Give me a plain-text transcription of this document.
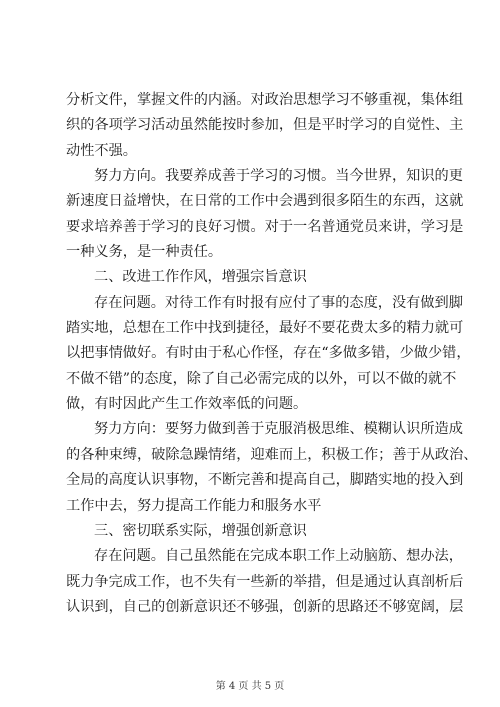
分析文件，掌握文件的内涵。对政治思想学习不够重视，集体组
织的各项学习活动虽然能按时参加，但是平时学习的自觉性、主
动性不强。
努力方向。我要养成善于学习的习惯。当今世界，知识的更
新速度日益增快，在日常的工作中会遇到很多陌生的东西，这就
要求培养善于学习的良好习惯。对于一名普通党员来讲，学习是
一种义务，是一种责任。
二、改进工作作风，增强宗旨意识
存在问题。对待工作有时报有应付了事的态度，没有做到脚
踏实地，总想在工作中找到捷径，最好不要花费太多的精力就可
以把事情做好。有时由于私心作怪，存在“多做多错，少做少错，
不做不错”的态度，除了自己必需完成的以外，可以不做的就不
做，有时因此产生工作效率低的问题。
努力方向：要努力做到善于克服消极思维、模糊认识所造成
的各种束缚，破除急躁情绪，迎难而上，积极工作；善于从政治、
全局的高度认识事物，不断完善和提高自己，脚踏实地的投入到
工作中去，努力提高工作能力和服务水平
三、密切联系实际，增强创新意识
存在问题。自己虽然能在完成本职工作上动脑筋、想办法，
既力争完成工作，也不失有一些新的举措，但是通过认真剖析后
认识到，自己的创新意识还不够强，创新的思路还不够宽阔，层
第 4 页 共 5 页
